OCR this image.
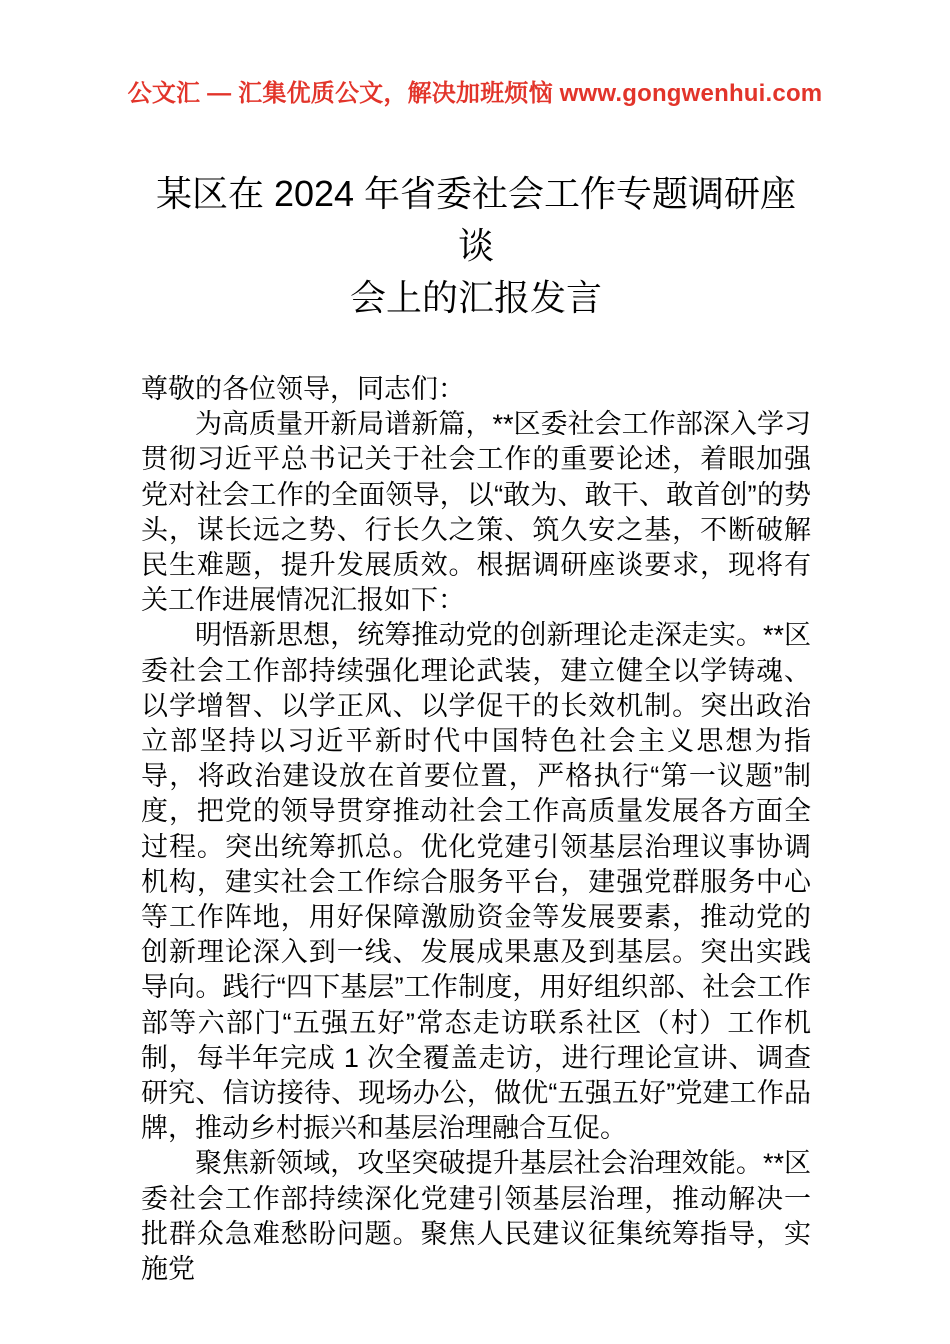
公文汇 — 汇集优质公文，解决加班烦恼 www.gongwenhui.com
某区在 2024 年省委社会工作专题调研座谈
会上的汇报发言

尊敬的各位领导，同志们：

为高质量开新局谱新篇，**区委社会工作部深入学习贯彻习近平总书记关于社会工作的重要论述，着眼加强党对社会工作的全面领导，以“敢为、敢干、敢首创”的势头，谋长远之势、行长久之策、筑久安之基，不断破解民生难题，提升发展质效。根据调研座谈要求，现将有关工作进展情况汇报如下：

明悟新思想，统筹推动党的创新理论走深走实。**区委社会工作部持续强化理论武装，建立健全以学铸魂、以学增智、以学正风、以学促干的长效机制。突出政治立部坚持以习近平新时代中国特色社会主义思想为指导，将政治建设放在首要位置，严格执行“第一议题”制度，把党的领导贯穿推动社会工作高质量发展各方面全过程。突出统筹抓总。优化党建引领基层治理议事协调机构，建实社会工作综合服务平台，建强党群服务中心等工作阵地，用好保障激励资金等发展要素，推动党的创新理论深入到一线、发展成果惠及到基层。突出实践导向。践行“四下基层”工作制度，用好组织部、社会工作部等六部门“五强五好”常态走访联系社区（村）工作机制，每半年完成 1 次全覆盖走访，进行理论宣讲、调查研究、信访接待、现场办公，做优“五强五好”党建工作品牌，推动乡村振兴和基层治理融合互促。

聚焦新领域，攻坚突破提升基层社会治理效能。**区委社会工作部持续深化党建引领基层治理，推动解决一批群众急难愁盼问题。聚焦人民建议征集统筹指导，实施党
